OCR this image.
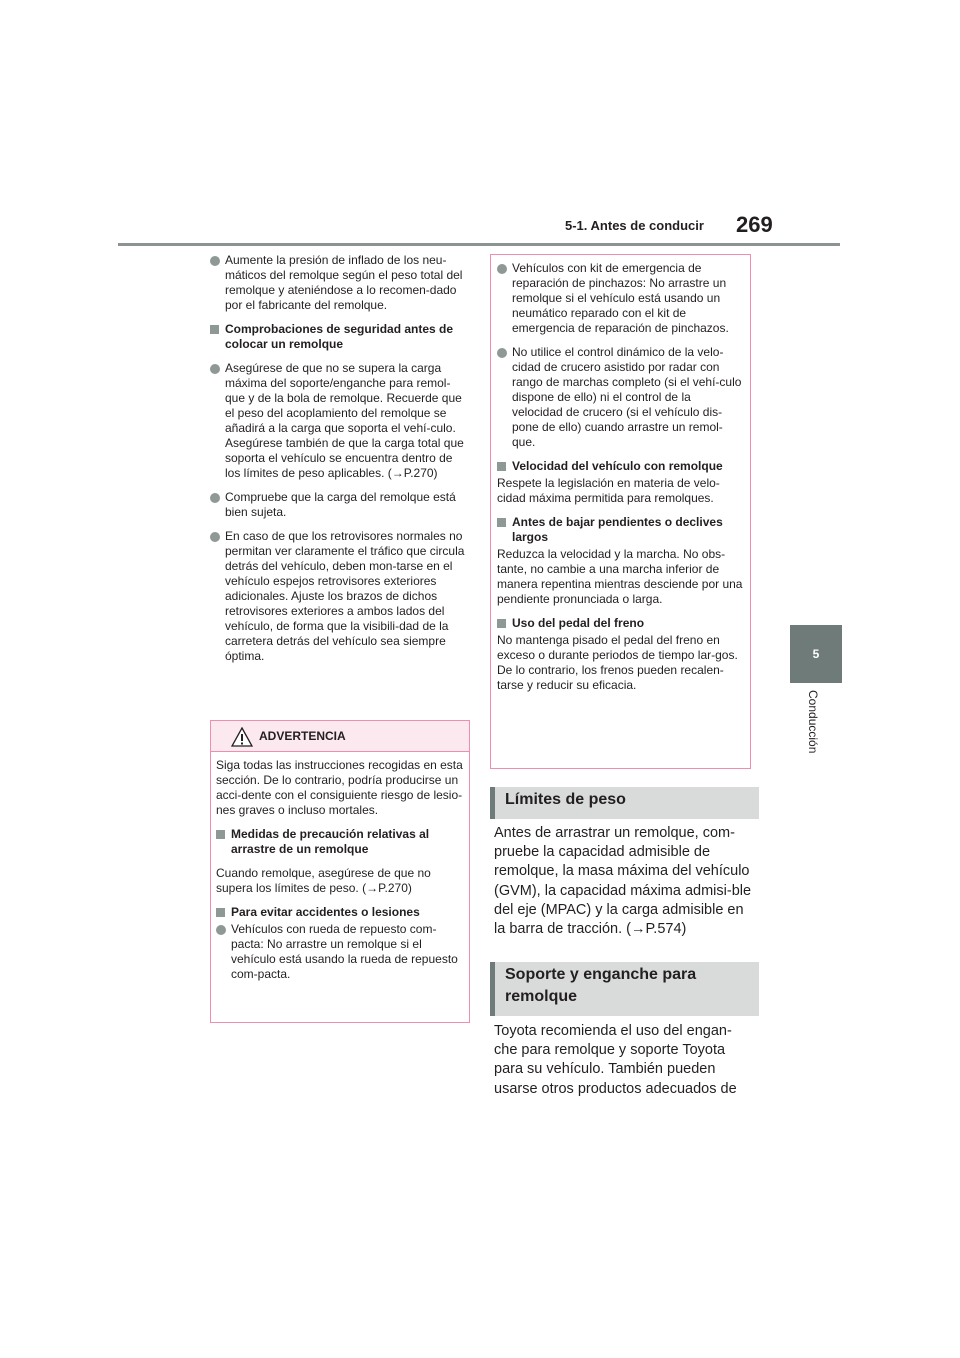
5-1. Antes de conducir 269
5
Conducción
Aumente la presión de inflado de los neu-máticos del remolque según el peso total del remolque y ateniéndose a lo recomen-dado por el fabricante del remolque.
Comprobaciones de seguridad antes de colocar un remolque
Asegúrese de que no se supera la carga máxima del soporte/enganche para remol-que y de la bola de remolque. Recuerde que el peso del acoplamiento del remolque se añadirá a la carga que soporta el vehí-culo. Asegúrese también de que la carga total que soporta el vehículo se encuentra dentro de los límites de peso aplicables. (→P.270)
Compruebe que la carga del remolque está bien sujeta.
En caso de que los retrovisores normales no permitan ver claramente el tráfico que circula detrás del vehículo, deben mon-tarse en el vehículo espejos retrovisores exteriores adicionales. Ajuste los brazos de dichos retrovisores exteriores a ambos lados del vehículo, de forma que la visibili-dad de la carretera detrás del vehículo sea siempre óptima.
ADVERTENCIA
Siga todas las instrucciones recogidas en esta sección. De lo contrario, podría producirse un acci-dente con el consiguiente riesgo de lesio-nes graves o incluso mortales.
Medidas de precaución relativas al arrastre de un remolque
Cuando remolque, asegúrese de que no supera los límites de peso. (→P.270)
Para evitar accidentes o lesiones
Vehículos con rueda de repuesto com-pacta: No arrastre un remolque si el vehículo está usando la rueda de repuesto com-pacta.
Vehículos con kit de emergencia de reparación de pinchazos: No arrastre un remolque si el vehículo está usando un neumático reparado con el kit de emergencia de reparación de pinchazos.
No utilice el control dinámico de la velo-cidad de crucero asistido por radar con rango de marchas completo (si el vehí-culo dispone de ello) ni el control de la velocidad de crucero (si el vehículo dis-pone de ello) cuando arrastre un remol-que.
Velocidad del vehículo con remolque
Respete la legislación en materia de velo-cidad máxima permitida para remolques.
Antes de bajar pendientes o declives largos
Reduzca la velocidad y la marcha. No obs-tante, no cambie a una marcha inferior de manera repentina mientras desciende por una pendiente pronunciada o larga.
Uso del pedal del freno
No mantenga pisado el pedal del freno en exceso o durante periodos de tiempo lar-gos. De lo contrario, los frenos pueden recalen-tarse y reducir su eficacia.
Límites de peso
Antes de arrastrar un remolque, com-pruebe la capacidad admisible de remolque, la masa máxima del vehículo (GVM), la capacidad máxima admisi-ble del eje (MPAC) y la carga admisible en la barra de tracción. (→P.574)
Soporte y enganche para
remolque
Toyota recomienda el uso del engan-che para remolque y soporte Toyota para su vehículo. También pueden usarse otros productos adecuados de
